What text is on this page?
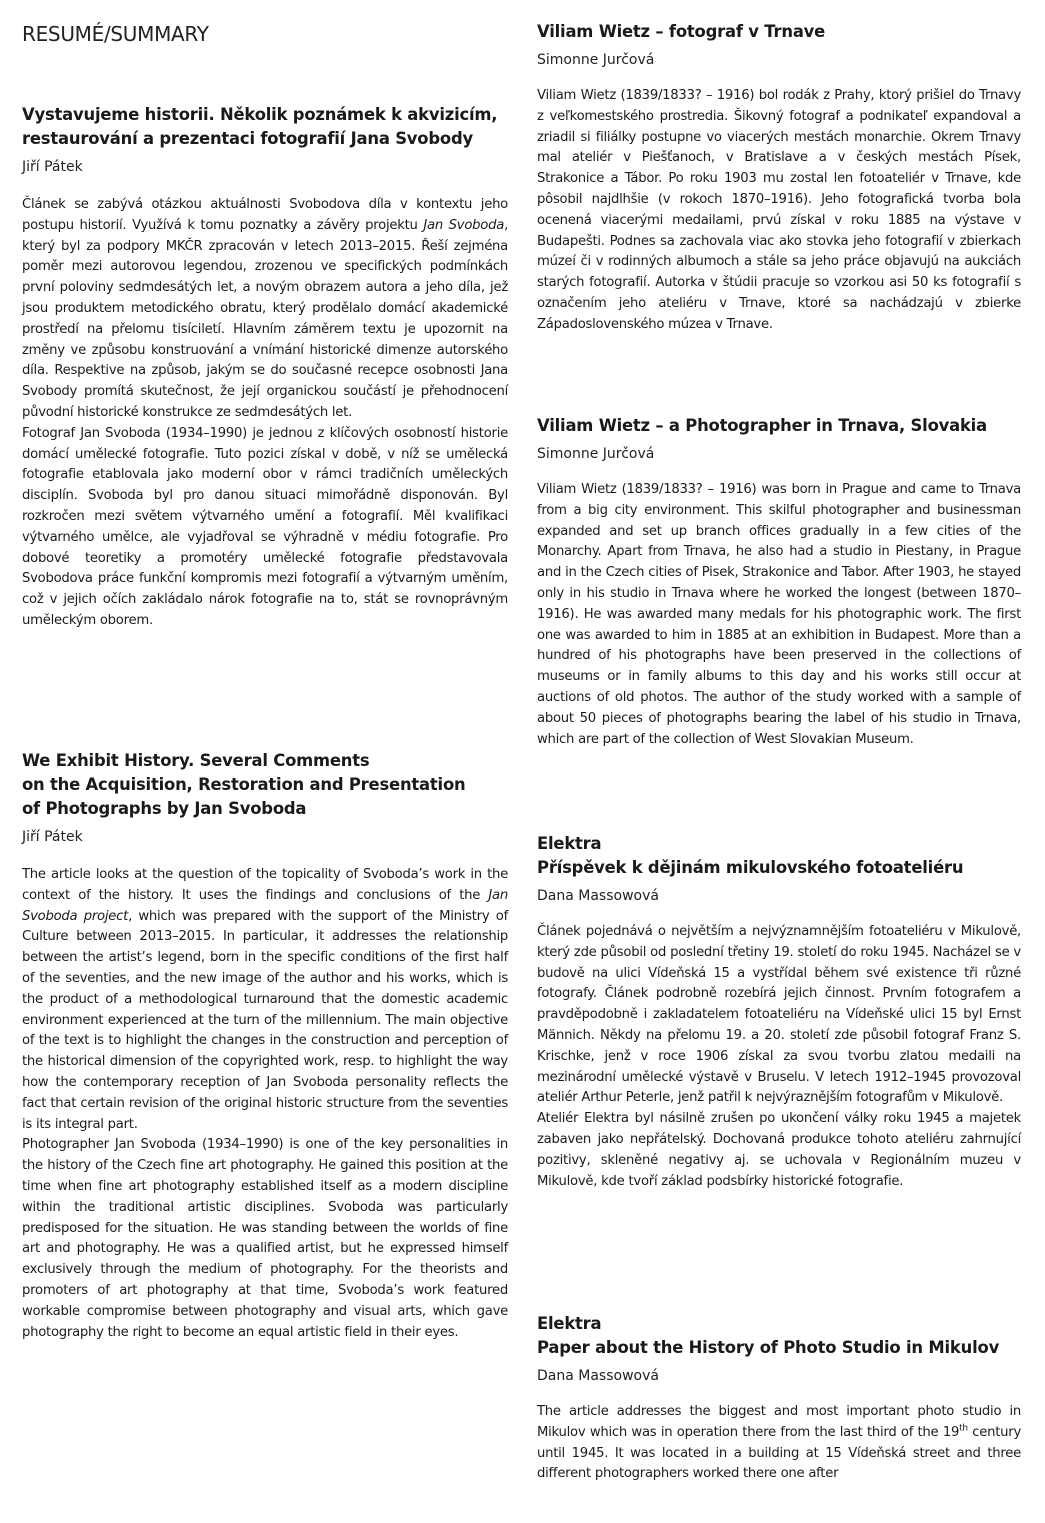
RESUMÉ/SUMMARY
Vystavujeme historii. Několik poznámek k akvizicím,
restaurování a prezentaci fotografií Jana Svobody
Jiří Pátek

Článek se zabývá otázkou aktuálnosti Svobodova díla v kontextu jeho postupu historií. Využívá k tomu poznatky a závěry projektu Jan Svoboda, který byl za podpory MKČR zpracován v letech 2013–2015. Řeší zejména poměr mezi autorovou legendou, zrozenou ve specifických podmínkách první poloviny sedmdesátých let, a novým obrazem autora a jeho díla, jež jsou produktem metodického obratu, který prodělalo domácí akademické prostředí na přelomu tisíciletí. Hlavním záměrem textu je upozornit na změny ve způsobu konstruování a vnímání historické dimenze autorského díla. Respektive na způsob, jakým se do současné recepce osobnosti Jana Svobody promítá skutečnost, že její organickou součástí je přehodnocení původní historické konstrukce ze sedmdesátých let.

Fotograf Jan Svoboda (1934–1990) je jednou z klíčových osobností historie domácí umělecké fotografie. Tuto pozici získal v době, v níž se umělecká fotografie etablovala jako moderní obor v rámci tradičních uměleckých disciplín. Svoboda byl pro danou situaci mimořádně disponován. Byl rozkročen mezi světem výtvarného umění a fotografií. Měl kvalifikaci výtvarného umělce, ale vyjadřoval se výhradně v médiu fotografie. Pro dobové teoretiky a promotéry umělecké fotografie představovala Svobodova práce funkční kompromis mezi fotografií a výtvarným uměním, což v jejich očích zakládalo nárok fotografie na to, stát se rovnoprávným uměleckým oborem.

We Exhibit History. Several Comments
on the Acquisition, Restoration and Presentation
of Photographs by Jan Svoboda
Jiří Pátek

The article looks at the question of the topicality of Svoboda’s work in the context of the history. It uses the findings and conclusions of the Jan Svoboda project, which was prepared with the support of the Ministry of Culture between 2013–2015. In particular, it addresses the relationship between the artist’s legend, born in the specific conditions of the first half of the seventies, and the new image of the author and his works, which is the product of a methodological turnaround that the domestic academic environment experienced at the turn of the millennium. The main objective of the text is to highlight the changes in the construction and perception of the historical dimension of the copyrighted work, resp. to highlight the way how the contemporary reception of Jan Svoboda personality reflects the fact that certain revision of the original historic structure from the seventies is its integral part.

Photographer Jan Svoboda (1934–1990) is one of the key personalities in the history of the Czech fine art photography. He gained this position at the time when fine art photography established itself as a modern discipline within the traditional artistic disciplines. Svoboda was particularly predisposed for the situation. He was standing between the worlds of fine art and photography. He was a qualified artist, but he expressed himself exclusively through the medium of photography. For the theorists and promoters of art photography at that time, Svoboda’s work featured workable compromise between photography and visual arts, which gave photography the right to become an equal artistic field in their eyes.

Viliam Wietz – fotograf v Trnave
Simonne Jurčová

Viliam Wietz (1839/1833? – 1916) bol rodák z Prahy, ktorý prišiel do Trnavy z veľkomestského prostredia. Šikovný fotograf a podnikateľ expandoval a zriadil si filiálky postupne vo viacerých mestách monarchie. Okrem Trnavy mal ateliér v Piešťanoch, v Bratislave a v českých mestách Písek, Strakonice a Tábor. Po roku 1903 mu zostal len fotoateliér v Trnave, kde pôsobil najdlhšie (v rokoch 1870–1916). Jeho fotografická tvorba bola ocenená viacerými medailami, prvú získal v roku 1885 na výstave v Budapešti. Podnes sa zachovala viac ako stovka jeho fotografií v zbierkach múzeí či v rodinných albumoch a stále sa jeho práce objavujú na aukciách starých fotografií. Autorka v štúdii pracuje so vzorkou asi 50 ks fotografií s označením jeho ateliéru v Trnave, ktoré sa nachádzajú v zbierke Západoslovenského múzea v Trnave.

Viliam Wietz – a Photographer in Trnava, Slovakia
Simonne Jurčová

Viliam Wietz (1839/1833? – 1916) was born in Prague and came to Trnava from a big city environment. This skilful photographer and businessman expanded and set up branch offices gradually in a few cities of the Monarchy. Apart from Trnava, he also had a studio in Piestany, in Prague and in the Czech cities of Pisek, Strakonice and Tabor. After 1903, he stayed only in his studio in Trnava where he worked the longest (between 1870–1916). He was awarded many medals for his photographic work. The first one was awarded to him in 1885 at an exhibition in Budapest. More than a hundred of his photographs have been preserved in the collections of museums or in family albums to this day and his works still occur at auctions of old photos. The author of the study worked with a sample of about 50 pieces of photographs bearing the label of his studio in Trnava, which are part of the collection of West Slovakian Museum.

Elektra
Příspěvek k dějinám mikulovského fotoateliéru
Dana Massowová

Článek pojednává o největším a nejvýznamnějším fotoateliéru v Mikulově, který zde působil od poslední třetiny 19. století do roku 1945. Nacházel se v budově na ulici Vídeňská 15 a vystřídal během své existence tři různé fotografy. Článek podrobně rozebírá jejich činnost. Prvním fotografem a pravděpodobně i zakladatelem fotoateliéru na Vídeňské ulici 15 byl Ernst Männich. Někdy na přelomu 19. a 20. století zde působil fotograf Franz S. Krischke, jenž v roce 1906 získal za svou tvorbu zlatou medaili na mezinárodní umělecké výstavě v Bruselu. V letech 1912–1945 provozoval ateliér Arthur Peterle, jenž patřil k nejvýraznějším fotografům v Mikulově.

Ateliér Elektra byl násilně zrušen po ukončení války roku 1945 a majetek zabaven jako nepřátelský. Dochovaná produkce tohoto ateliéru zahrnující pozitivy, skleněné negativy aj. se uchovala v Regionálním muzeu v Mikulově, kde tvoří základ podsbírky historické fotografie.

Elektra
Paper about the History of Photo Studio in Mikulov
Dana Massowová

The article addresses the biggest and most important photo studio in Mikulov which was in operation there from the last third of the 19th century until 1945. It was located in a building at 15 Vídeňská street and three different photographers worked there one after
